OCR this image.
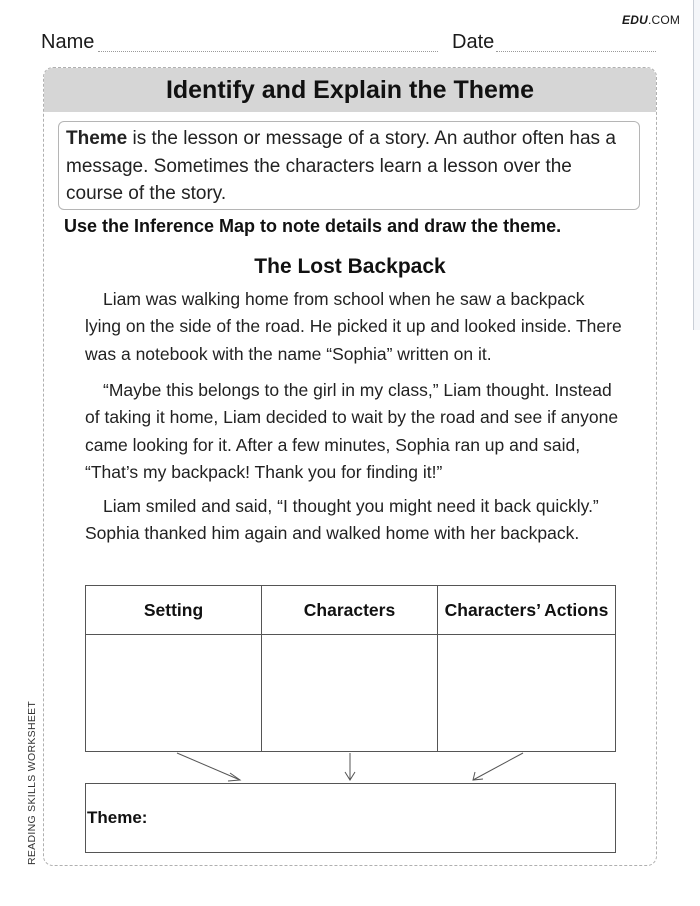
EDU.COM
Name	Date
Identify and Explain the Theme
Theme is the lesson or message of a story. An author often has a message. Sometimes the characters learn a lesson over the course of the story.
Use the Inference Map to note details and draw the theme.
The Lost Backpack

Liam was walking home from school when he saw a backpack lying on the side of the road. He picked it up and looked inside. There was a notebook with the name “Sophia” written on it.

“Maybe this belongs to the girl in my class,” Liam thought. Instead of taking it home, Liam decided to wait by the road and see if anyone came looking for it. After a few minutes, Sophia ran up and said, “That’s my backpack! Thank you for finding it!”

Liam smiled and said, “I thought you might need it back quickly.” Sophia thanked him again and walked home with her backpack.

Setting	Characters	Characters’ Actions
Theme:
READING SKILLS WORKSHEET
